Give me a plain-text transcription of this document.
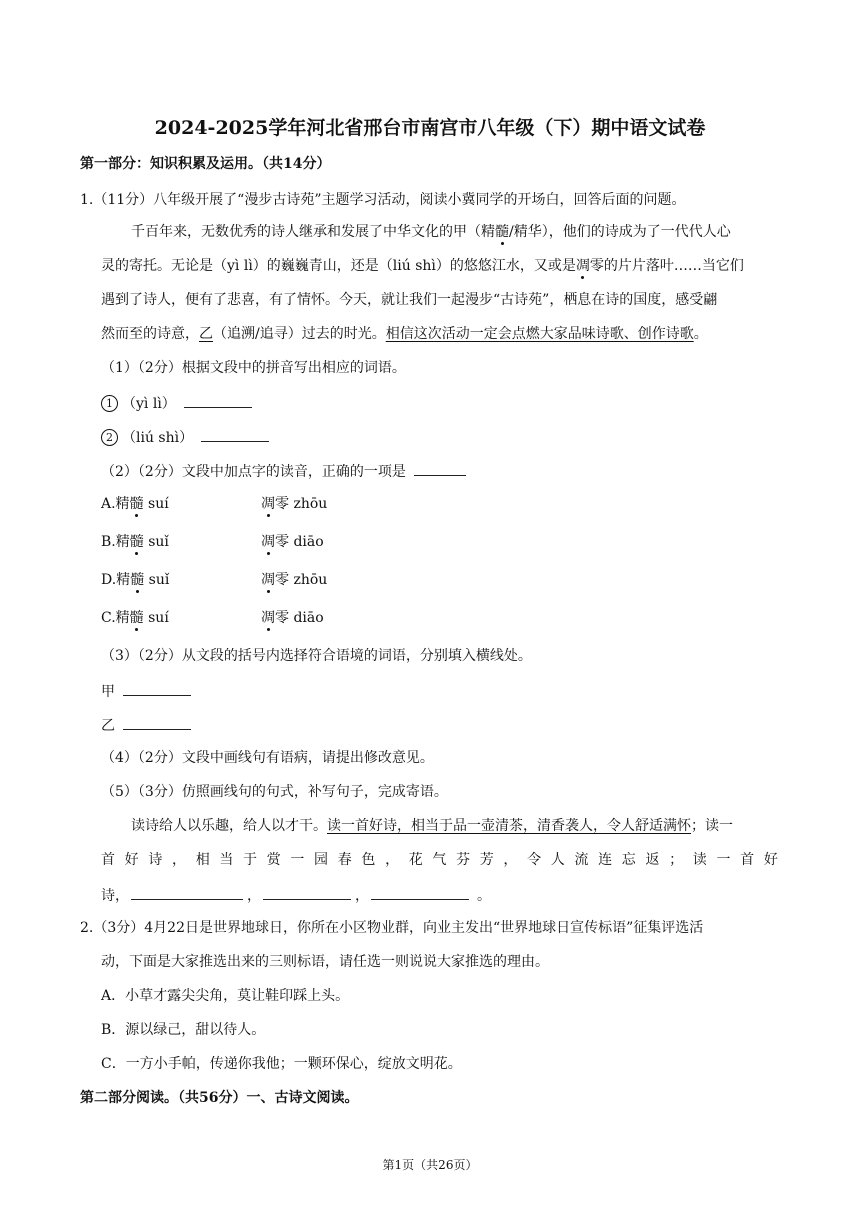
2024-2025学年河北省邢台市南宫市八年级（下）期中语文试卷
第一部分：知识积累及运用。（共14分）
1.（11分）八年级开展了“漫步古诗苑”主题学习活动，阅读小冀同学的开场白，回答后面的问题。
千百年来，无数优秀的诗人继承和发展了中华文化的甲（精髓/精华），他们的诗成为了一代代人心
灵的寄托。无论是（yì lì）的巍巍青山，还是（liú shì）的悠悠江水，又或是凋零的片片落叶……当它们
遇到了诗人，便有了悲喜，有了情怀。今天，就让我们一起漫步“古诗苑”，栖息在诗的国度，感受翩
然而至的诗意，乙（追溯/追寻）过去的时光。相信这次活动一定会点燃大家品味诗歌、创作诗歌。
（1）（2分）根据文段中的拼音写出相应的词语。
1 （yì lì）
2 （liú shì）
（2）（2分）文段中加点字的读音，正确的一项是
A.精髓 suí	凋零 zhōu
B.精髓 suǐ	凋零 diāo
D.精髓 suǐ	凋零 zhōu
C.精髓 suí	凋零 diāo
（3）（2分）从文段的括号内选择符合语境的词语，分别填入横线处。
甲
乙
（4）（2分）文段中画线句有语病，请提出修改意见。
（5）（3分）仿照画线句的句式，补写句子，完成寄语。
读诗给人以乐趣，给人以才干。读一首好诗，相当于品一壶清茶，清香袭人，令人舒适满怀；读一
首 好 诗 ， 相 当 于 赏 一 园 春 色 ， 花 气 芬 芳 ， 令 人 流 连 忘 返 ； 读 一 首 好
诗，	，	，	。
2.（3分）4月22日是世界地球日，你所在小区物业群，向业主发出“世界地球日宣传标语”征集评选活
动，下面是大家推选出来的三则标语，请任选一则说说大家推选的理由。
A．小草才露尖尖角，莫让鞋印踩上头。
B．源以绿己，甜以待人。
C．一方小手帕，传递你我他；一颗环保心，绽放文明花。
第二部分阅读。（共56分）一、古诗文阅读。
第1页（共26页）
